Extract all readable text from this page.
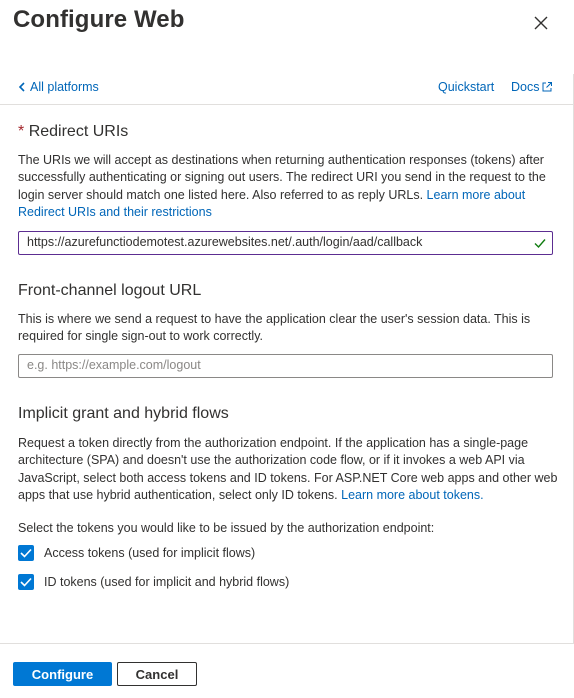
Configure Web
All platforms	Quickstart Docs
* Redirect URIs
The URIs we will accept as destinations when returning authentication responses (tokens) after successfully authenticating or signing out users. The redirect URI you send in the request to the login server should match one listed here. Also referred to as reply URLs. Learn more about Redirect URIs and their restrictions
https://azurefunctiodemotest.azurewebsites.net/.auth/login/aad/callback
Front-channel logout URL
This is where we send a request to have the application clear the user's session data. This is required for single sign-out to work correctly.
e.g. https://example.com/logout
Implicit grant and hybrid flows
Request a token directly from the authorization endpoint. If the application has a single-page architecture (SPA) and doesn't use the authorization code flow, or if it invokes a web API via JavaScript, select both access tokens and ID tokens. For ASP.NET Core web apps and other web apps that use hybrid authentication, select only ID tokens. Learn more about tokens.
Select the tokens you would like to be issued by the authorization endpoint:
Access tokens (used for implicit flows)
ID tokens (used for implicit and hybrid flows)
Configure	Cancel
